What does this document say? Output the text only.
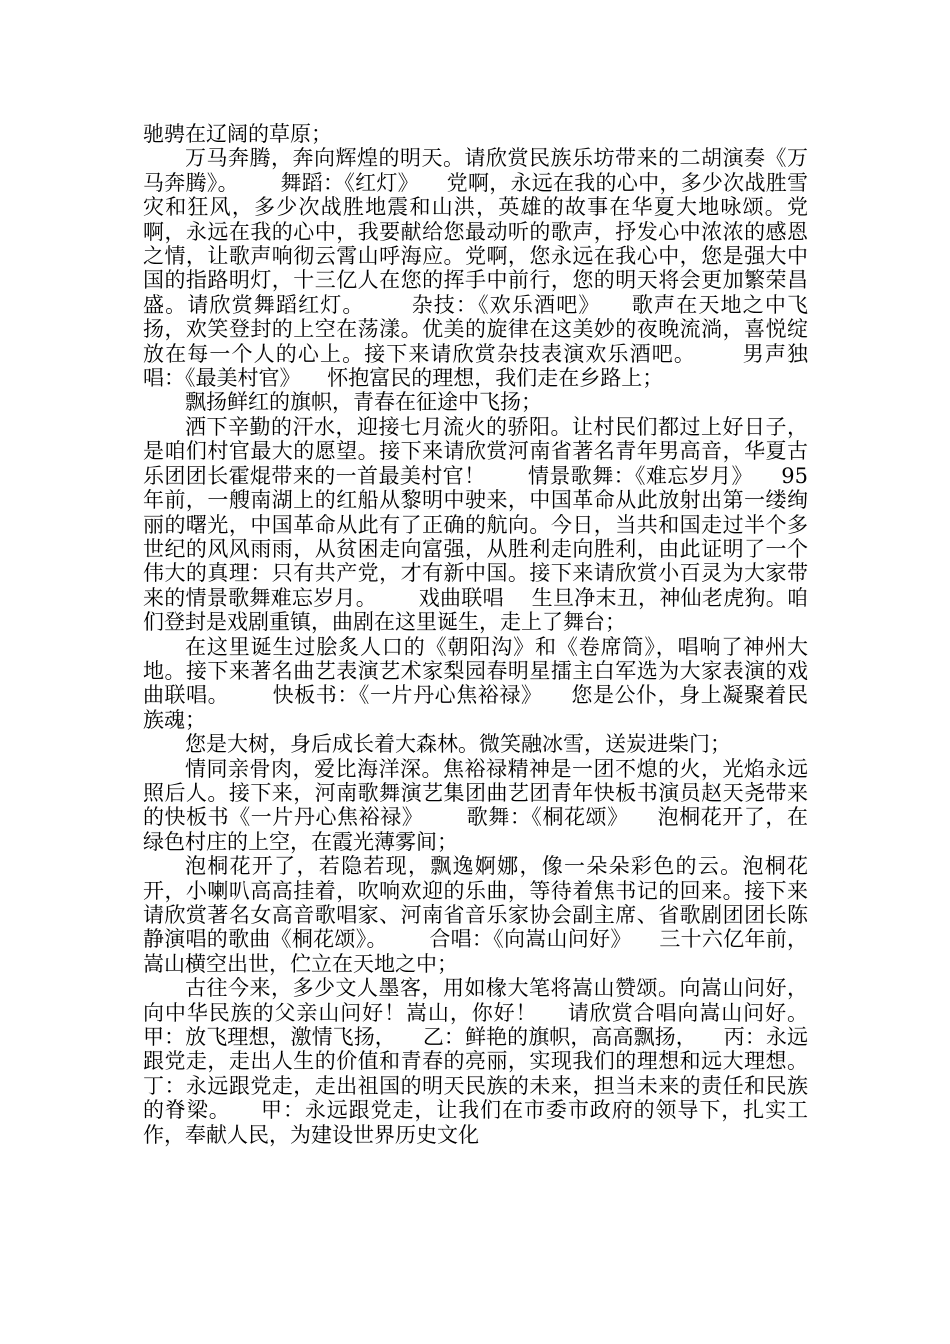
驰骋在辽阔的草原；

万马奔腾，奔向辉煌的明天。请欣赏民族乐坊带来的二胡演奏《万马奔腾》。      舞蹈：《红灯》    党啊，永远在我的心中，多少次战胜雪灾和狂风，多少次战胜地震和山洪，英雄的故事在华夏大地咏颂。党啊，永远在我的心中，我要献给您最动听的歌声，抒发心中浓浓的感恩之情，让歌声响彻云霄山呼海应。党啊，您永远在我心中，您是强大中国的指路明灯，十三亿人在您的挥手中前行，您的明天将会更加繁荣昌盛。请欣赏舞蹈红灯。      杂技：《欢乐酒吧》    歌声在天地之中飞扬，欢笑登封的上空在荡漾。优美的旋律在这美妙的夜晚流淌，喜悦绽放在每一个人的心上。接下来请欣赏杂技表演欢乐酒吧。      男声独唱：《最美村官》    怀抱富民的理想，我们走在乡路上；

飘扬鲜红的旗帜，青春在征途中飞扬；

洒下辛勤的汗水，迎接七月流火的骄阳。让村民们都过上好日子，是咱们村官最大的愿望。接下来请欣赏河南省著名青年男高音，华夏古乐团团长霍焜带来的一首最美村官！      情景歌舞：《难忘岁月》    95 年前，一艘南湖上的红船从黎明中驶来，中国革命从此放射出第一缕绚丽的曙光，中国革命从此有了正确的航向。今日，当共和国走过半个多世纪的风风雨雨，从贫困走向富强，从胜利走向胜利，由此证明了一个伟大的真理：只有共产党，才有新中国。接下来请欣赏小百灵为大家带来的情景歌舞难忘岁月。      戏曲联唱    生旦净末丑，神仙老虎狗。咱们登封是戏剧重镇，曲剧在这里诞生，走上了舞台；

在这里诞生过脍炙人口的《朝阳沟》和《卷席筒》，唱响了神州大地。接下来著名曲艺表演艺术家梨园春明星擂主白军选为大家表演的戏曲联唱。      快板书：《一片丹心焦裕禄》    您是公仆，身上凝聚着民族魂；

您是大树，身后成长着大森林。微笑融冰雪，送炭进柴门；

情同亲骨肉，爱比海洋深。焦裕禄精神是一团不熄的火，光焰永远照后人。接下来，河南歌舞演艺集团曲艺团青年快板书演员赵天尧带来的快板书《一片丹心焦裕禄》      歌舞：《桐花颂》    泡桐花开了，在绿色村庄的上空，在霞光薄雾间；

泡桐花开了，若隐若现，飘逸婀娜，像一朵朵彩色的云。泡桐花开，小喇叭高高挂着，吹响欢迎的乐曲，等待着焦书记的回来。接下来请欣赏著名女高音歌唱家、河南省音乐家协会副主席、省歌剧团团长陈静演唱的歌曲《桐花颂》。      合唱：《向嵩山问好》    三十六亿年前，嵩山横空出世，伫立在天地之中；

古往今来，多少文人墨客，用如椽大笔将嵩山赞颂。向嵩山问好，向中华民族的父亲山问好！嵩山，你好！    请欣赏合唱向嵩山问好。      甲：放飞理想，激情飞扬，    乙：鲜艳的旗帜，高高飘扬，    丙：永远跟党走，走出人生的价值和青春的亮丽，实现我们的理想和远大理想。    丁：永远跟党走，走出祖国的明天民族的未来，担当未来的责任和民族的脊梁。    甲：永远跟党走，让我们在市委市政府的领导下，扎实工作，奉献人民，为建设世界历史文化
